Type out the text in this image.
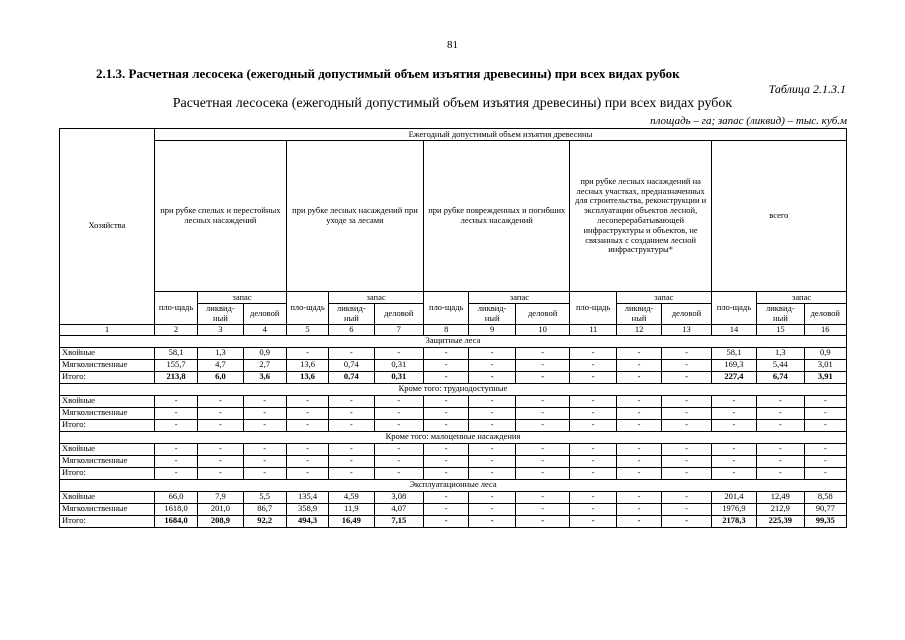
81
2.1.3. Расчетная лесосека (ежегодный допустимый объем изъятия древесины) при всех видах рубок
Таблица 2.1.3.1
Расчетная лесосека (ежегодный допустимый объем изъятия древесины) при всех видах рубок
площадь – га; запас (ликвид) – тыс. куб.м
Хозяйства	Ежегодный допустимый объем изъятия древесины														
	при рубке спелых и перестойных лесных насаждений			при рубке лесных насаждений при уходе за лесами			при рубке поврежденных и погибших лесных насаждений			при рубке лесных насаждений на лесных участках, предназначенных для строительства, реконструкции и эксплуатации объектов лесной, лесоперерабатывающей инфраструктуры и объектов, не связанных с созданием лесной инфраструктуры*			всего		
	пло-щадь	запас		пло-щадь	запас		пло-щадь	запас		пло-щадь	запас		пло-щадь	запас	
		ликвид-ный	деловой		ликвид-ный	деловой		ликвид-ный	деловой		ликвид-ный	деловой		ликвид-ный	деловой
1	2	3	4	5	6	7	8	9	10	11	12	13	14	15	16
Защитные леса															
Хвойные	58,1	1,3	0,9	-	-	-	-	-	-	-	-	-	58,1	1,3	0,9
Мягколиственные	155,7	4,7	2,7	13,6	0,74	0,31	-	-	-	-	-	-	169,3	5,44	3,01
Итого:	213,8	6,0	3,6	13,6	0,74	0,31	-	-	-	-	-	-	227,4	6,74	3,91
Кроме того: труднодоступные															
Хвойные	-	-	-	-	-	-	-	-	-	-	-	-	-	-	-
Мягколиственные	-	-	-	-	-	-	-	-	-	-	-	-	-	-	-
Итого:	-	-	-	-	-	-	-	-	-	-	-	-	-	-	-
Кроме того: малоценные насаждения															
Хвойные	-	-	-	-	-	-	-	-	-	-	-	-	-	-	-
Мягколиственные	-	-	-	-	-	-	-	-	-	-	-	-	-	-	-
Итого:	-	-	-	-	-	-	-	-	-	-	-	-	-	-	-
Эксплуатационные леса															
Хвойные	66,0	7,9	5,5	135,4	4,59	3,08	-	-	-	-	-	-	201,4	12,49	8,58
Мягколиственные	1618,0	201,0	86,7	358,9	11,9	4,07	-	-	-	-	-	-	1976,9	212,9	90,77
Итого:	1684,0	208,9	92,2	494,3	16,49	7,15	-	-	-	-	-	-	2178,3	225,39	99,35
